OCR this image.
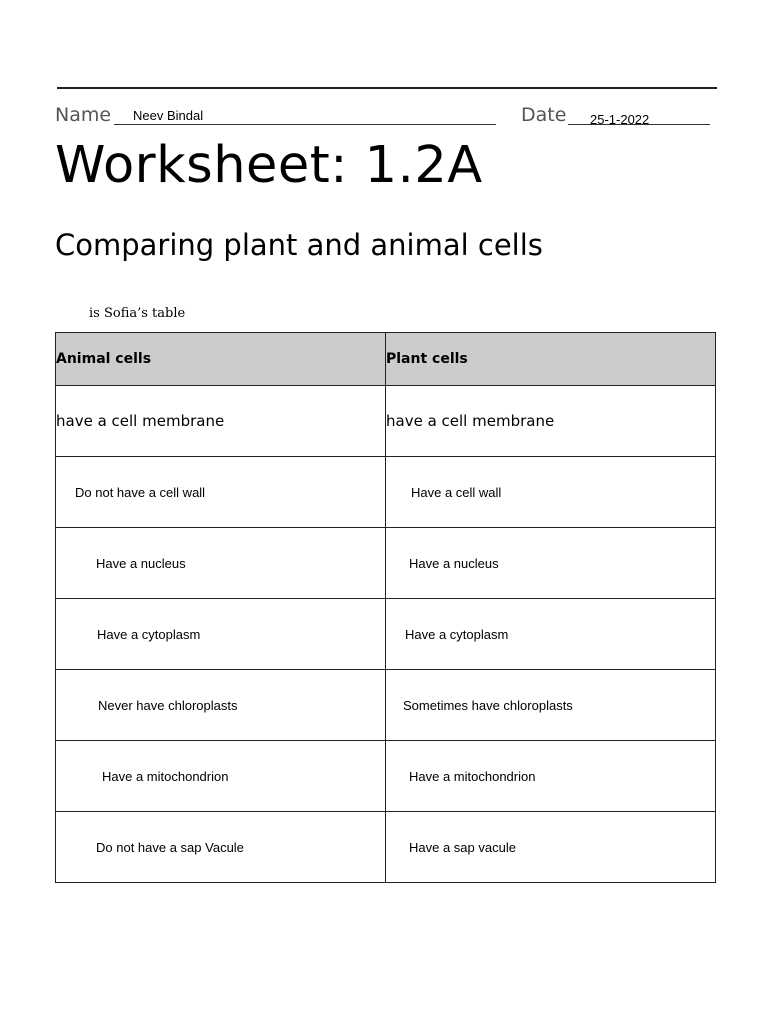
Name Neev Bindal	Date 25-1-2022
Worksheet: 1.2A
Comparing plant and animal cells
is Sofia’s table
Animal cells	Plant cells
have a cell membrane	have a cell membrane
Do not have a cell wall	Have a cell wall
Have a nucleus	Have a nucleus
Have a cytoplasm	Have a cytoplasm
Never have chloroplasts	Sometimes have chloroplasts
Have a mitochondrion	Have a mitochondrion
Do not have a sap Vacule	Have a sap vacule
